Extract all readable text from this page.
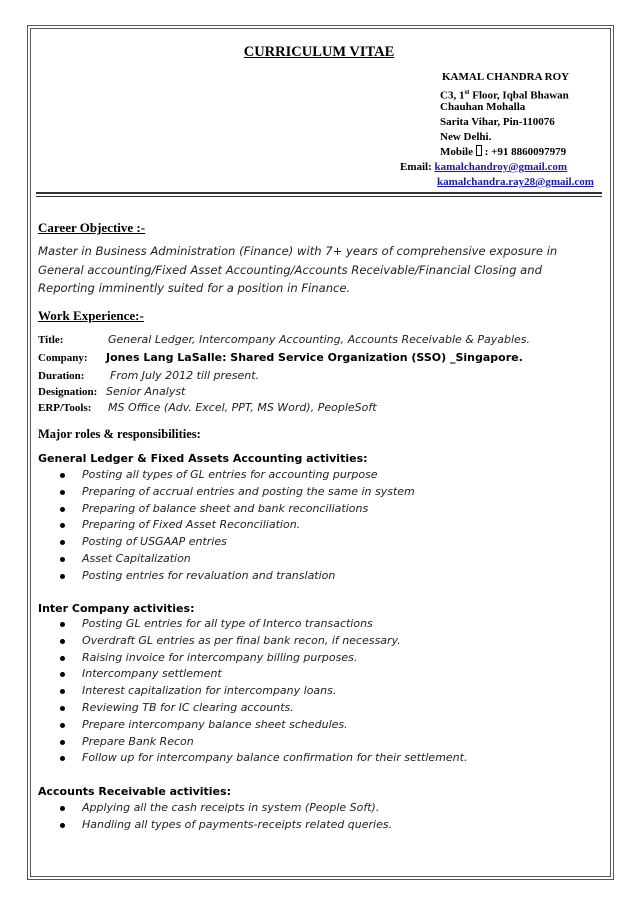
CURRICULUM VITAE
KAMAL CHANDRA ROY
C3, 1st Floor, Iqbal Bhawan
Chauhan Mohalla
Sarita Vihar, Pin-110076
New Delhi.
Mobile : +91 8860097979
Email: kamalchandroy@gmail.com
kamalchandra.ray28@gmail.com
Career Objective :-
Master in Business Administration (Finance) with 7+ years of comprehensive exposure in General accounting/Fixed Asset Accounting/Accounts Receivable/Financial Closing and Reporting imminently suited for a position in Finance.
Work Experience:-
Title:	General Ledger, Intercompany Accounting, Accounts Receivable & Payables.
Company: Jones Lang LaSalle: Shared Service Organization (SSO) _Singapore.
Duration: From July 2012 till present.
Designation: Senior Analyst
ERP/Tools: MS Office (Adv. Excel, PPT, MS Word), PeopleSoft
Major roles & responsibilities:
General Ledger & Fixed Assets Accounting activities:
Posting all types of GL entries for accounting purpose
Preparing of accrual entries and posting the same in system
Preparing of balance sheet and bank reconciliations
Preparing of Fixed Asset Reconciliation.
Posting of USGAAP entries
Asset Capitalization
Posting entries for revaluation and translation
Inter Company activities:
Posting GL entries for all type of Interco transactions
Overdraft GL entries as per final bank recon, if necessary.
Raising invoice for intercompany billing purposes.
Intercompany settlement
Interest capitalization for intercompany loans.
Reviewing TB for IC clearing accounts.
Prepare intercompany balance sheet schedules.
Prepare Bank Recon
Follow up for intercompany balance confirmation for their settlement.
Accounts Receivable activities:
Applying all the cash receipts in system (People Soft).
Handling all types of payments-receipts related queries.
